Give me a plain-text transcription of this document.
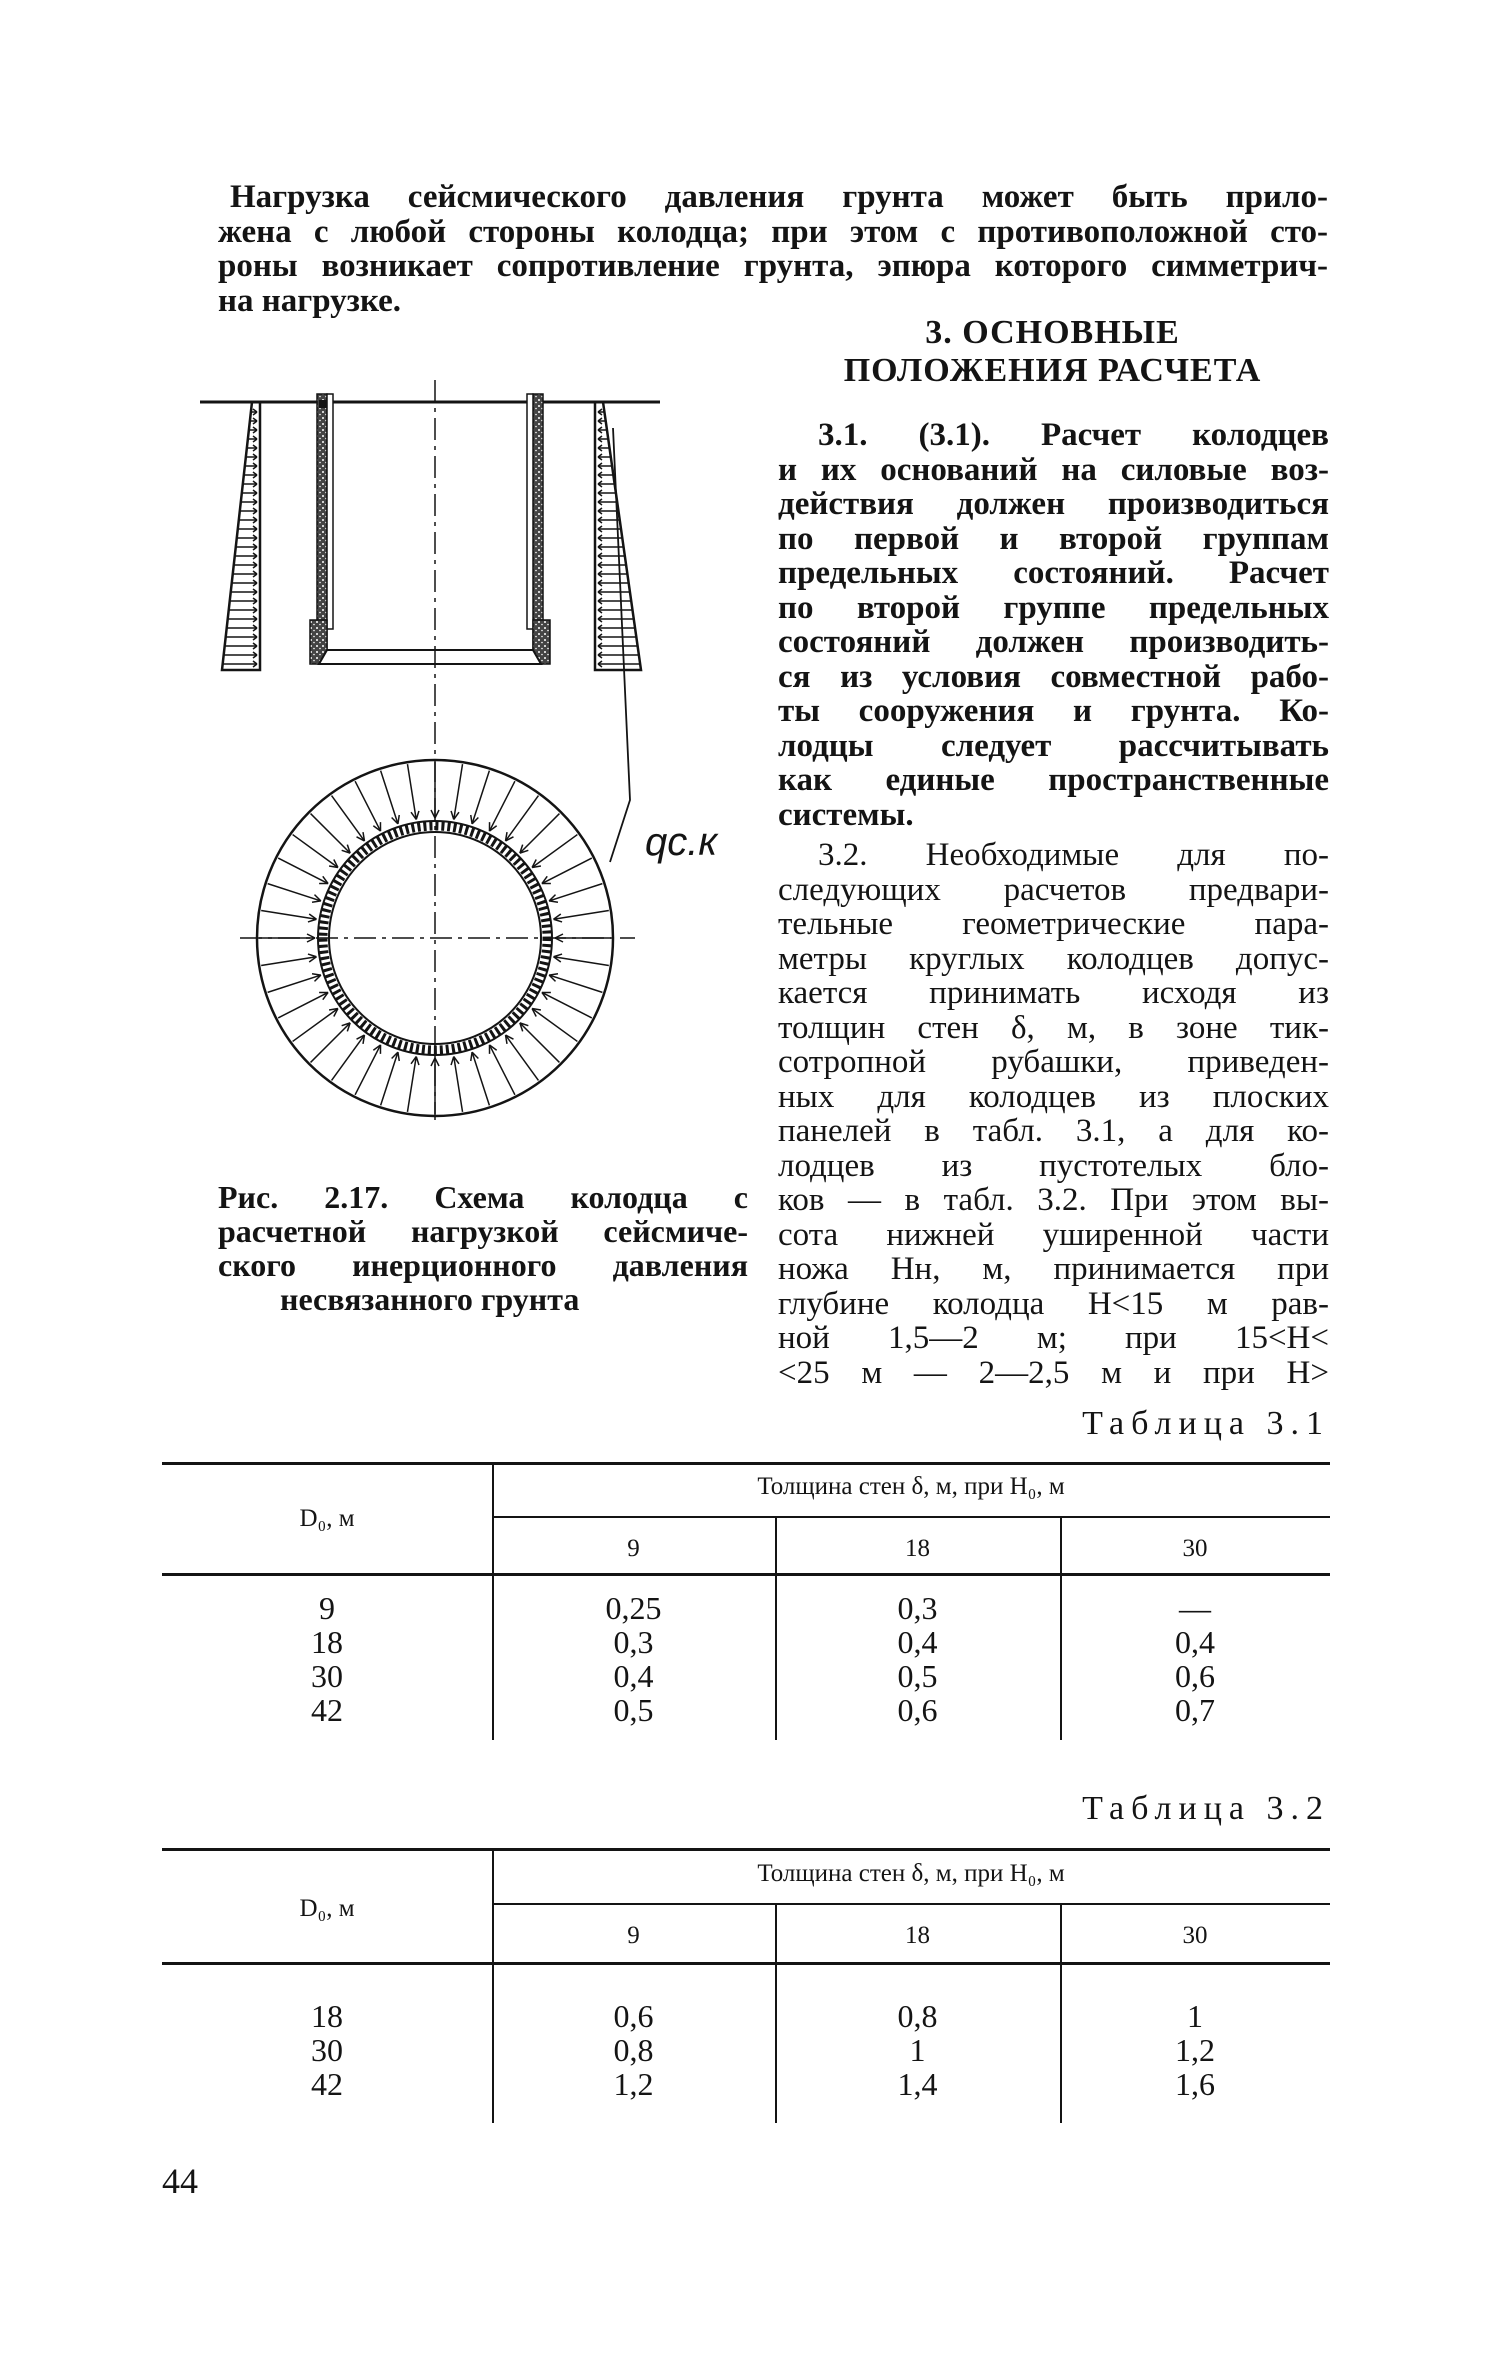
Нагрузка сейсмического давления грунта может быть прило-
жена с любой стороны колодца; при этом с противоположной сто-
роны возникает сопротивление грунта, эпюра которого симметрич-
на нагрузке.
3. ОСНОВНЫЕ
ПОЛОЖЕНИЯ РАСЧЕТА
3.1. (3.1). Расчет колодцев
и их оснований на силовые воз-
действия должен производиться
по первой и второй группам
предельных состояний. Расчет
по второй группе предельных
состояний должен производить-
ся из условия совместной рабо-
ты сооружения и грунта. Ко-
лодцы следует рассчитывать
как единые пространственные
системы.
3.2. Необходимые для по-
следующих расчетов предвари-
тельные геометрические пара-
метры круглых колодцев допус-
кается принимать исходя из
толщин стен δ, м, в зоне тик-
сотропной рубашки, приведен-
ных для колодцев из плоских
панелей в табл. 3.1, а для ко-
лодцев из пустотелых бло-
ков — в табл. 3.2. При этом вы-
сота нижней уширенной части
ножа Hн, м, принимается при
глубине колодца H<15 м рав-
ной 1,5—2 м; при 15<H<
<25 м — 2—2,5 м и при H>
qс.к
Рис. 2.17. Схема колодца с
расчетной нагрузкой сейсмиче-
ского инерционного давления
несвязанного грунта
Таблица 3.1
D₀, м
Толщина стен δ, м, при H₀, м
9	18	30
9	0,25	0,3	—
18	0,3	0,4	0,4
30	0,4	0,5	0,6
42	0,5	0,6	0,7
Таблица 3.2
D₀, м
Толщина стен δ, м, при H₀, м
9	18	30
18	0,6	0,8	1
30	0,8	1	1,2
42	1,2	1,4	1,6
44
